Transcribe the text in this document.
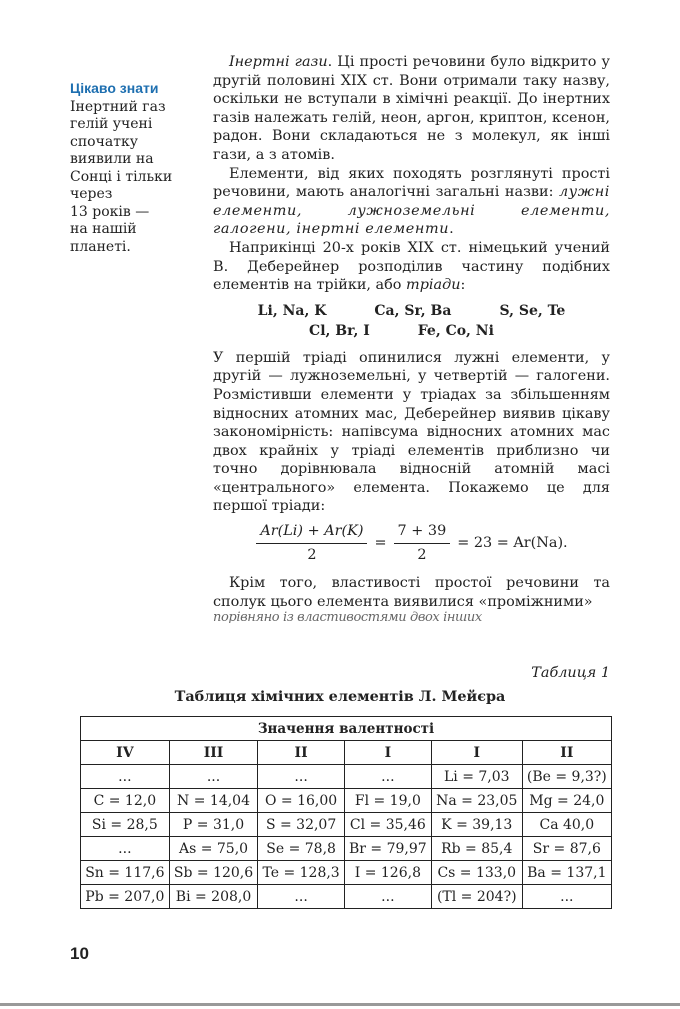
Цікаво знати
Інертний газ
гелій учені
спочатку
виявили на
Сонці і тільки
через
13 років —
на нашій
планеті.

Інертні гази. Ці прості речовини було відкрито у другій половині XIX ст. Вони отримали таку назву, оскільки не вступали в хімічні реакції. До інертних газів належать гелій, неон, аргон, криптон, ксенон, радон. Вони складаються не з молекул, як інші гази, а з атомів.

Елементи, від яких походять розглянуті прості речовини, мають аналогічні загальні назви: лужні елементи, лужноземельні елементи, галогени, інертні елементи.

Наприкінці 20-х років XIX ст. німецький учений В. Деберейнер розподілив частину подібних елементів на трійки, або тріади:

Li, Na, K	Ca, Sr, Ba	S, Se, Te
Cl, Br, I	Fe, Co, Ni

У першій тріаді опинилися лужні елементи, у другій — лужноземельні, у четвертій — галогени. Розмістивши елементи у тріадах за збільшенням відносних атомних мас, Деберейнер виявив цікаву закономірність: напівсума відносних атомних мас двох крайніх у тріаді елементів приблизно чи точно дорівнювала відносній атомній масі «центрального» елемента. Покажемо це для першої тріади:

$\frac{Ar(Li) + Ar(K)}{2} = \frac{7 + 39}{2} = 23 = Ar(Na)$.

Крім того, властивості простої речовини та сполук цього елемента виявилися «проміжними»

порівняно із властивостями двох інших
Таблиця 1
Таблиця хімічних елементів Л. Мейєра
Значення валентності					
IV	III	II	I	I	II
...	...	...	...	Li = 7,03	(Be = 9,3?)
C = 12,0	N = 14,04	O = 16,00	Fl = 19,0	Na = 23,05	Mg = 24,0
Si = 28,5	P = 31,0	S = 32,07	Cl = 35,46	K = 39,13	Ca 40,0
...	As = 75,0	Se = 78,8	Br = 79,97	Rb = 85,4	Sr = 87,6
Sn = 117,6	Sb = 120,6	Te = 128,3	I = 126,8	Cs = 133,0	Ba = 137,1
Pb = 207,0	Bi = 208,0	...	...	(Tl = 204?)	...
10
